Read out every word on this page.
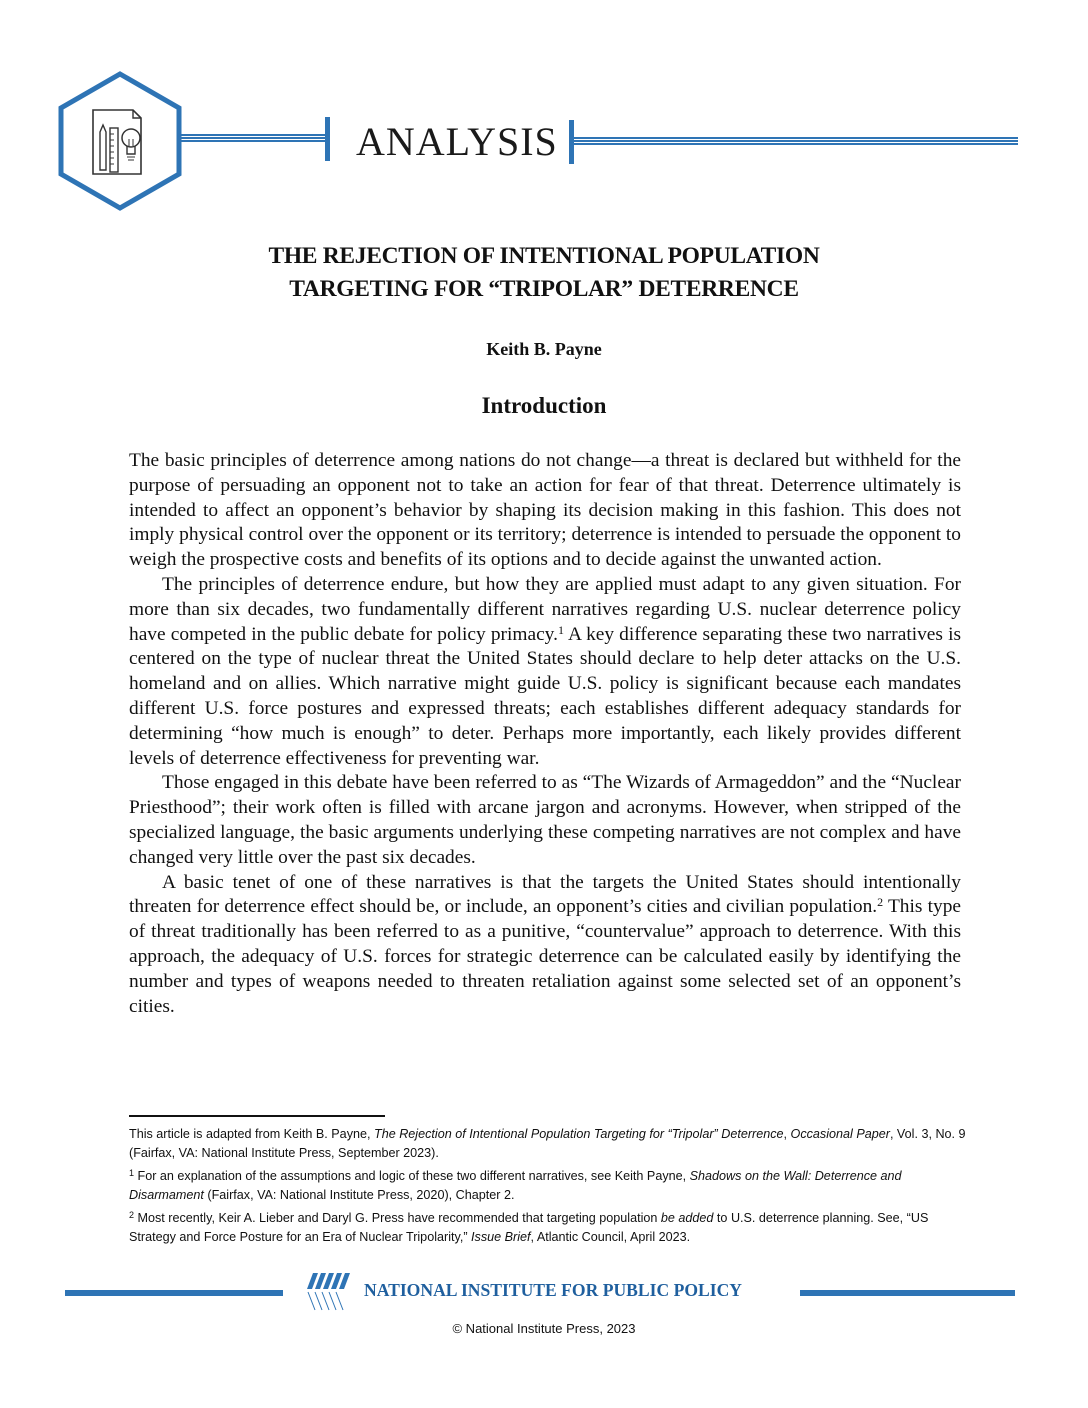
ANALYSIS
THE REJECTION OF INTENTIONAL POPULATION
TARGETING FOR “TRIPOLAR” DETERRENCE
Keith B. Payne
Introduction

The basic principles of deterrence among nations do not change—a threat is declared but withheld for the purpose of persuading an opponent not to take an action for fear of that threat. Deterrence ultimately is intended to affect an opponent’s behavior by shaping its decision making in this fashion. This does not imply physical control over the opponent or its territory; deterrence is intended to persuade the opponent to weigh the prospective costs and benefits of its options and to decide against the unwanted action.

The principles of deterrence endure, but how they are applied must adapt to any given situation. For more than six decades, two fundamentally different narratives regarding U.S. nuclear deterrence policy have competed in the public debate for policy primacy.$^1$ A key difference separating these two narratives is centered on the type of nuclear threat the United States should declare to help deter attacks on the U.S. homeland and on allies. Which narrative might guide U.S. policy is significant because each mandates different U.S. force postures and expressed threats; each establishes different adequacy standards for determining “how much is enough” to deter. Perhaps more importantly, each likely provides different levels of deterrence effectiveness for preventing war.

Those engaged in this debate have been referred to as “The Wizards of Armageddon” and the “Nuclear Priesthood”; their work often is filled with arcane jargon and acronyms. However, when stripped of the specialized language, the basic arguments underlying these competing narratives are not complex and have changed very little over the past six decades.

A basic tenet of one of these narratives is that the targets the United States should intentionally threaten for deterrence effect should be, or include, an opponent’s cities and civilian population.$^2$ This type of threat traditionally has been referred to as a punitive, “countervalue” approach to deterrence. With this approach, the adequacy of U.S. forces for strategic deterrence can be calculated easily by identifying the number and types of weapons needed to threaten retaliation against some selected set of an opponent’s cities.

This article is adapted from Keith B. Payne, The Rejection of Intentional Population Targeting for “Tripolar” Deterrence, Occasional Paper, Vol. 3, No. 9 (Fairfax, VA: National Institute Press, September 2023).

$^1$ For an explanation of the assumptions and logic of these two different narratives, see Keith Payne, Shadows on the Wall: Deterrence and Disarmament (Fairfax, VA: National Institute Press, 2020), Chapter 2.

$^2$ Most recently, Keir A. Lieber and Daryl G. Press have recommended that targeting population be added to U.S. deterrence planning. See, “US Strategy and Force Posture for an Era of Nuclear Tripolarity,” Issue Brief, Atlantic Council, April 2023.

NATIONAL INSTITUTE FOR PUBLIC POLICY
© National Institute Press, 2023
